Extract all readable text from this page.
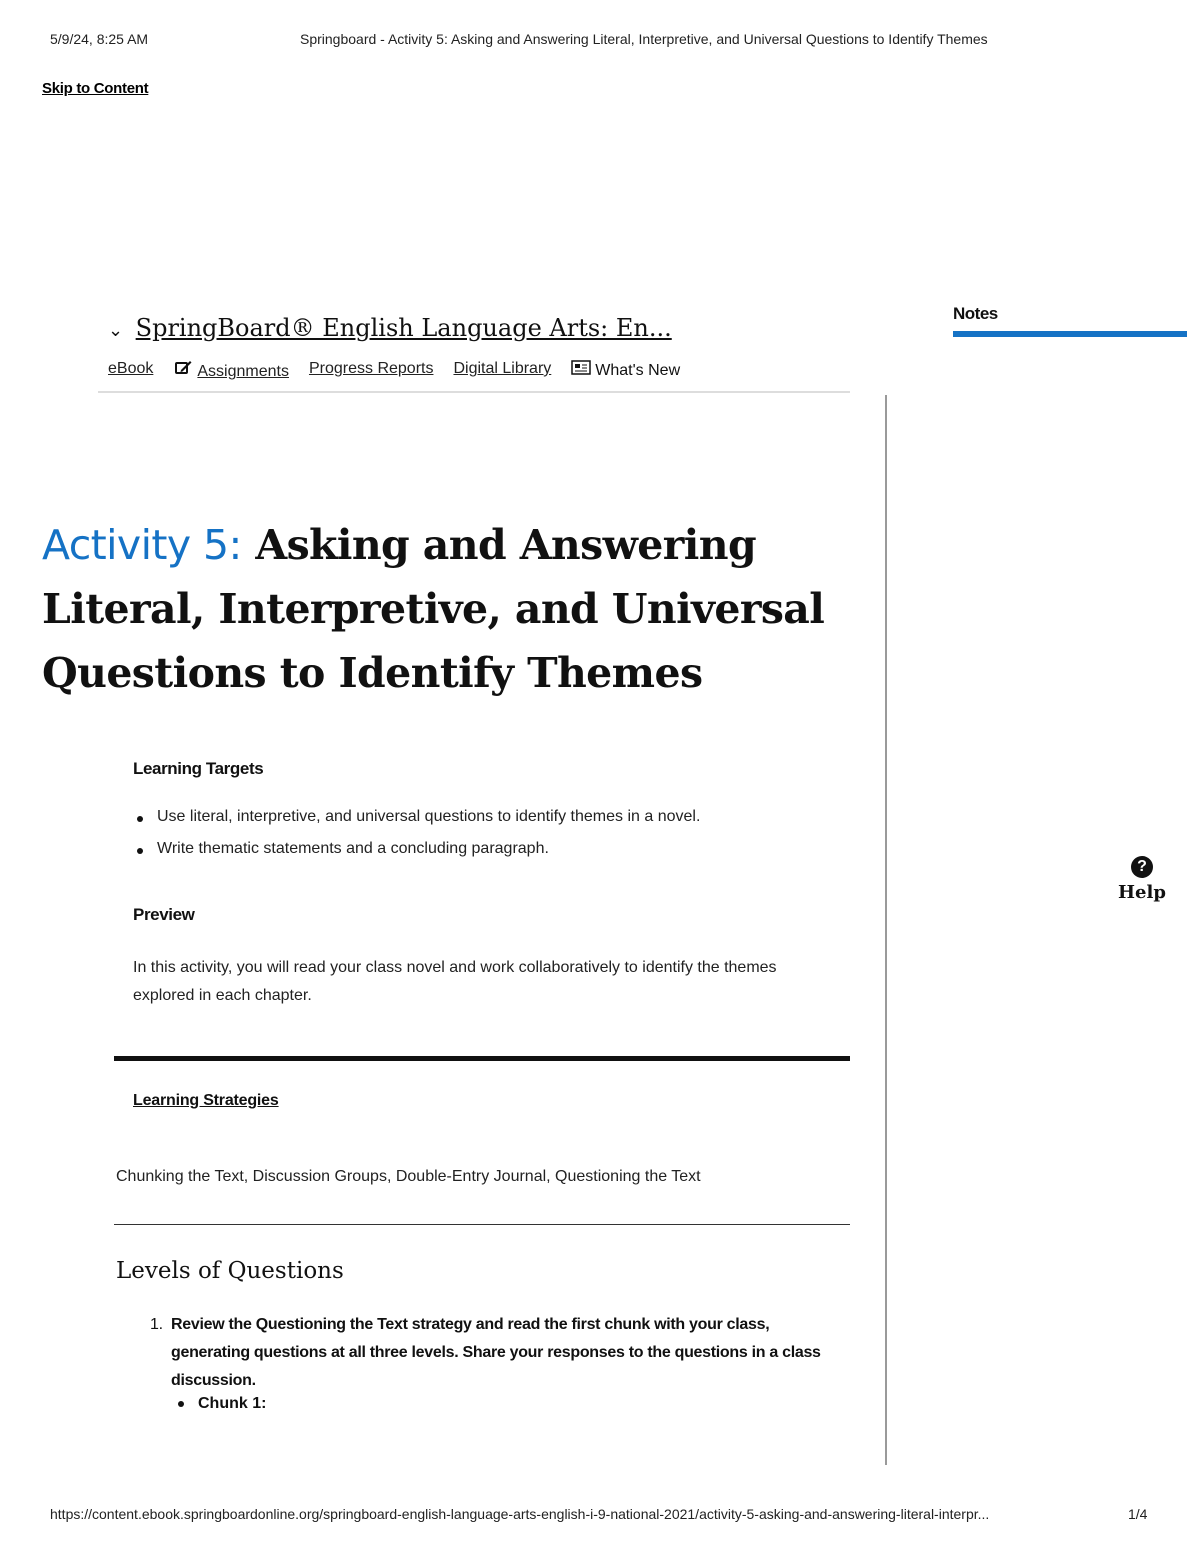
5/9/24, 8:25 AM	Springboard - Activity 5: Asking and Answering Literal, Interpretive, and Universal Questions to Identify Themes
Skip to Content
⌄ SpringBoard® English Language Arts: En...
eBook	Assignments Progress Reports Digital Library	What's New
Notes
?
Help
Activity 5: Asking and Answering Literal, Interpretive, and Universal Questions to Identify Themes
Learning Targets
Use literal, interpretive, and universal questions to identify themes in a novel.
Write thematic statements and a concluding paragraph.
Preview
In this activity, you will read your class novel and work collaboratively to identify the themes explored in each chapter.
Learning Strategies
Chunking the Text, Discussion Groups, Double-Entry Journal, Questioning the Text
Levels of Questions
1. Review the Questioning the Text strategy and read the first chunk with your class, generating questions at all three levels. Share your responses to the questions in a class discussion.
Chunk 1:
https://content.ebook.springboardonline.org/springboard-english-language-arts-english-i-9-national-2021/activity-5-asking-and-answering-literal-interpr...	1/4
